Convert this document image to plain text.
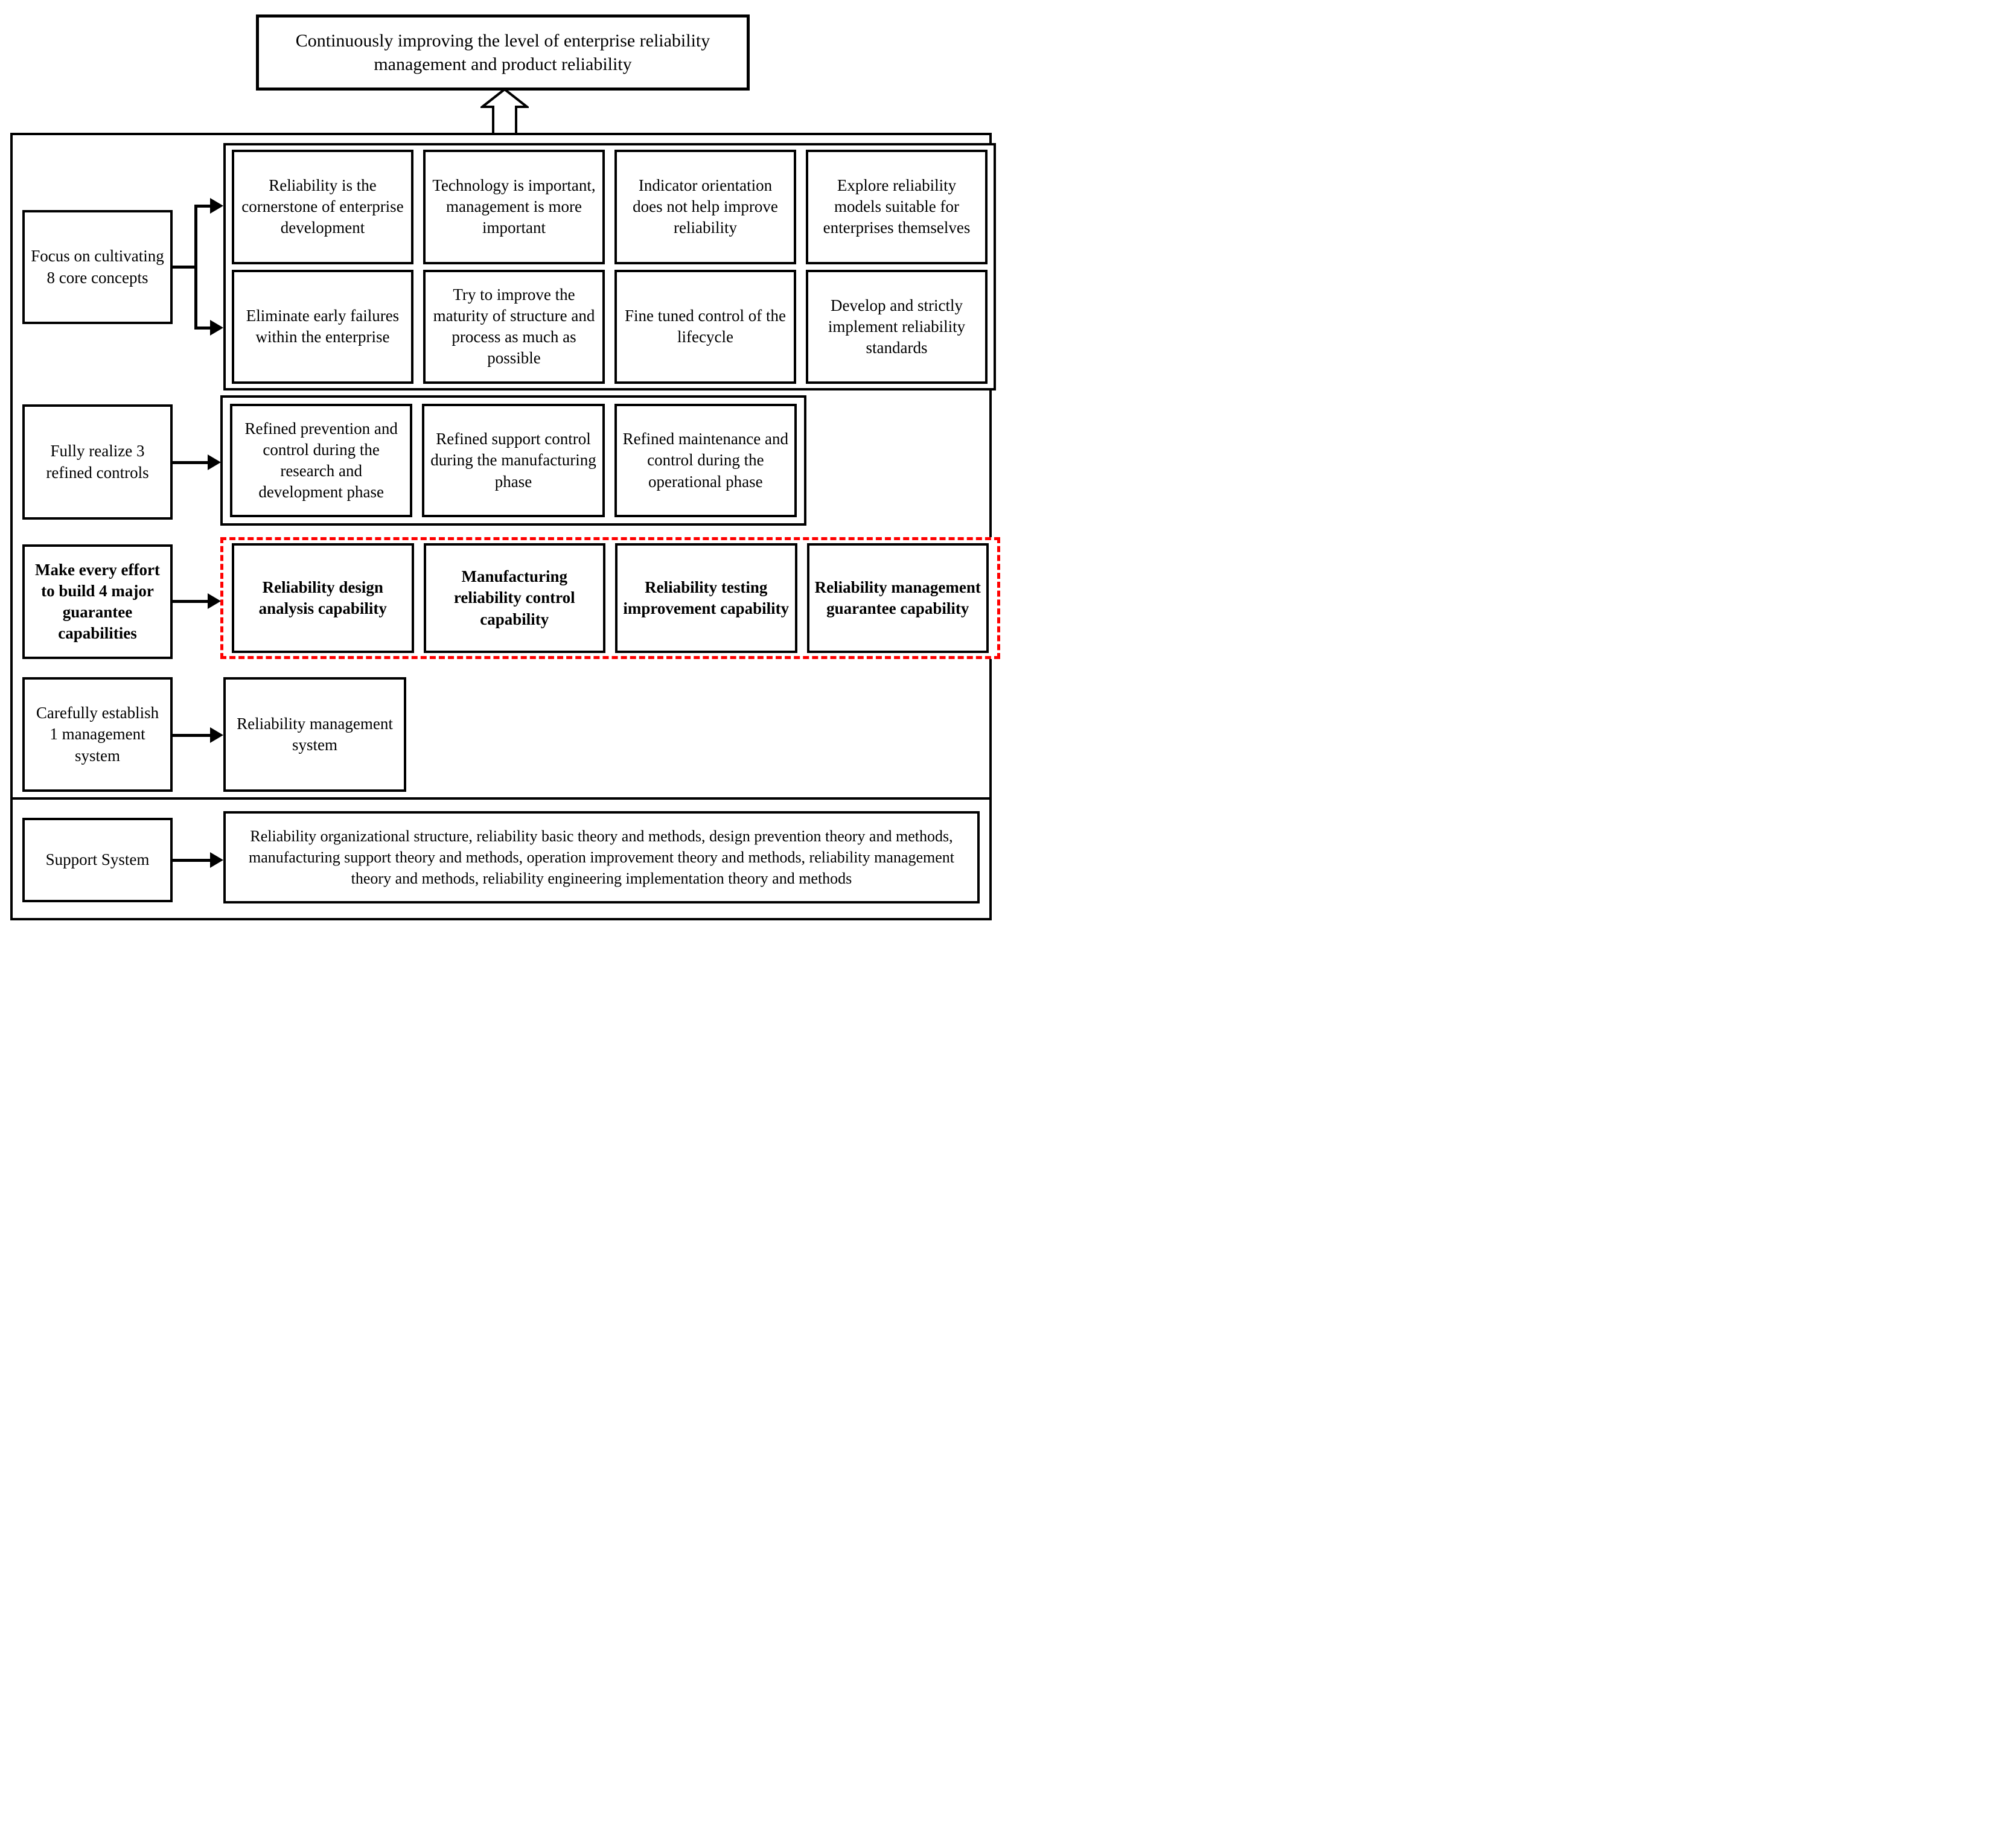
Continuously improving the level of enterprise reliability management and product reliability
Focus on cultivating 8 core concepts
Fully realize 3 refined controls
Make every effort to build 4 major guarantee capabilities
Carefully establish 1 management system
Support System
Reliability is the cornerstone of enterprise development
Technology is important, management is more important
Indicator orientation does not help improve reliability
Explore reliability models suitable for enterprises themselves
Eliminate early failures within the enterprise
Try to improve the maturity of structure and process as much as possible
Fine tuned control of the lifecycle
Develop and strictly implement reliability standards
Refined prevention and control during the research and development phase
Refined support control during the manufacturing phase
Refined maintenance and control during the operational phase
Reliability design analysis capability
Manufacturing reliability control capability
Reliability testing improvement capability
Reliability management guarantee capability
Reliability management system
Reliability organizational structure, reliability basic theory and methods, design prevention theory and methods, manufacturing support theory and methods, operation improvement theory and methods, reliability management theory and methods, reliability engineering implementation theory and methods
